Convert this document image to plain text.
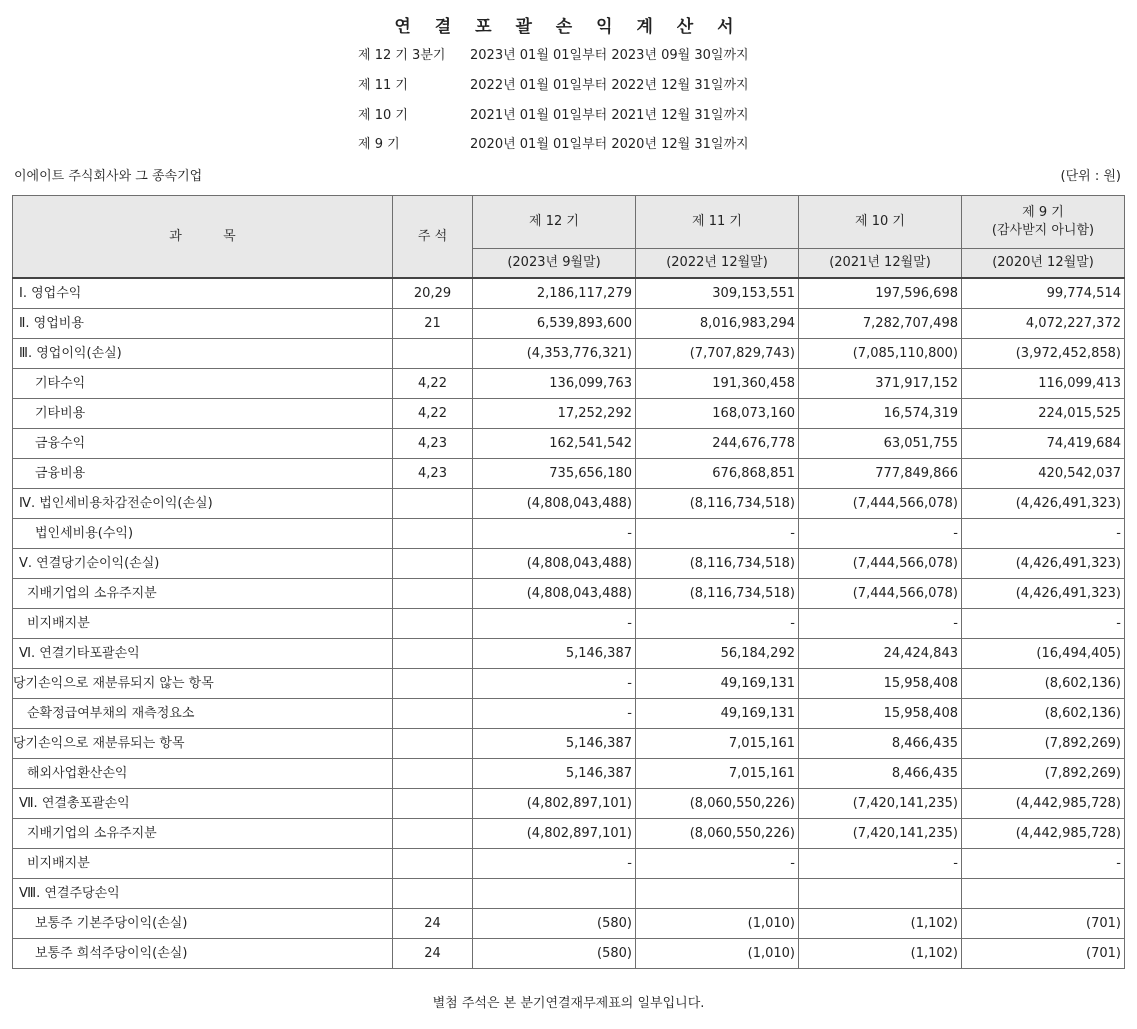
연 결 포 괄 손 익 계 산 서
제 12 기 3분기 2023년 01월 01일부터 2023년 09월 30일까지
제 11 기	2022년 01월 01일부터 2022년 12월 31일까지
제 10 기	2021년 01월 01일부터 2021년 12월 31일까지
제 9 기	2020년 01월 01일부터 2020년 12월 31일까지
이에이트 주식회사와 그 종속기업	(단위 : 원)
과          목	주 석	제 12 기	제 11 기	제 10 기	제 9 기
(감사받지 아니함)

		(2023년 9월말)	(2022년 12월말)	(2021년 12월말)	(2020년 12월말)
Ⅰ. 영업수익	20,29	2,186,117,279	309,153,551	197,596,698	99,774,514
Ⅱ. 영업비용	21	6,539,893,600	8,016,983,294	7,282,707,498	4,072,227,372
Ⅲ. 영업이익(손실)		(4,353,776,321)	(7,707,829,743)	(7,085,110,800)	(3,972,452,858)
기타수익	4,22	136,099,763	191,360,458	371,917,152	116,099,413
기타비용	4,22	17,252,292	168,073,160	16,574,319	224,015,525
금융수익	4,23	162,541,542	244,676,778	63,051,755	74,419,684
금융비용	4,23	735,656,180	676,868,851	777,849,866	420,542,037
Ⅳ. 법인세비용차감전순이익(손실)		(4,808,043,488)	(8,116,734,518)	(7,444,566,078)	(4,426,491,323)
법인세비용(수익)		-	-	-	-
Ⅴ. 연결당기순이익(손실)		(4,808,043,488)	(8,116,734,518)	(7,444,566,078)	(4,426,491,323)
지배기업의 소유주지분		(4,808,043,488)	(8,116,734,518)	(7,444,566,078)	(4,426,491,323)
비지배지분		-	-	-	-
Ⅵ. 연결기타포괄손익		5,146,387	56,184,292	24,424,843	(16,494,405)
당기손익으로 재분류되지 않는 항목		-	49,169,131	15,958,408	(8,602,136)
순확정급여부채의 재측정요소		-	49,169,131	15,958,408	(8,602,136)
당기손익으로 재분류되는 항목		5,146,387	7,015,161	8,466,435	(7,892,269)
해외사업환산손익		5,146,387	7,015,161	8,466,435	(7,892,269)
Ⅶ. 연결총포괄손익		(4,802,897,101)	(8,060,550,226)	(7,420,141,235)	(4,442,985,728)
지배기업의 소유주지분		(4,802,897,101)	(8,060,550,226)	(7,420,141,235)	(4,442,985,728)
비지배지분		-	-	-	-
Ⅷ. 연결주당손익					
보통주 기본주당이익(손실)	24	(580)	(1,010)	(1,102)	(701)
보통주 희석주당이익(손실)	24	(580)	(1,010)	(1,102)	(701)
별첨 주석은 본 분기연결재무제표의 일부입니다.
